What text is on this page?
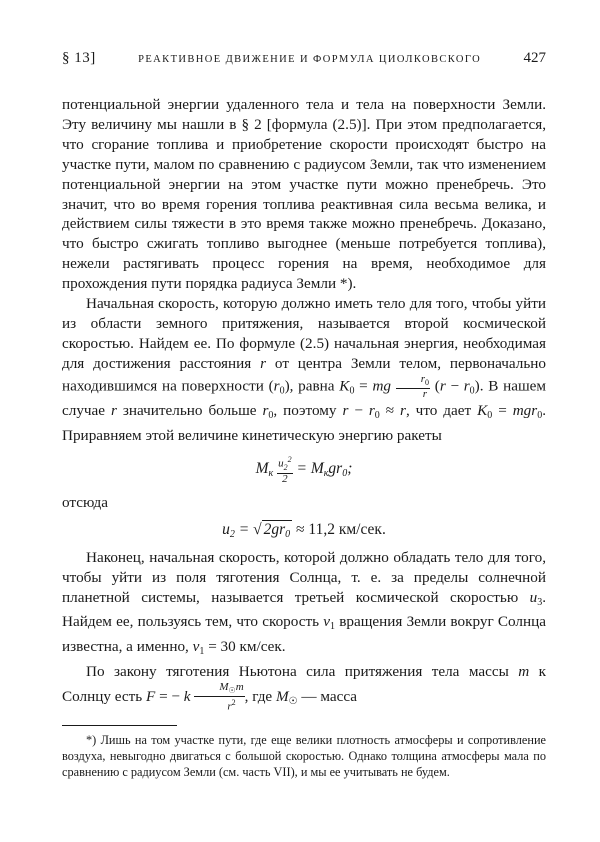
§ 13]	РЕАКТИВНОЕ ДВИЖЕНИЕ И ФОРМУЛА ЦИОЛКОВСКОГО	427

потенциальной энергии удаленного тела и тела на поверхности Земли. Эту величину мы нашли в § 2 [формула (2.5)]. При этом предполагается, что сгорание топлива и приобретение скорости происходят быстро на участке пути, малом по сравнению с радиусом Земли, так что изменением потенциальной энергии на этом участке пути можно пренебречь. Это значит, что во время горения топлива реактивная сила весьма велика, и действием силы тяжести в это время также можно пренебречь. Доказано, что быстро сжигать топливо выгоднее (меньше потребуется топлива), нежели растягивать процесс горения на время, необходимое для прохождения пути порядка радиуса Земли *).

Начальная скорость, которую должно иметь тело для того, чтобы уйти из области земного притяжения, называется второй космической скоростью. Найдем ее. По формуле (2.5) начальная энергия, необходимая для достижения расстояния r от центра Земли телом, первоначально находившимся на поверхности $(r_0)$, равна $K_0$ = mg $\frac{r_0}{r} (r - r_0)$. В нашем случае r значительно больше $r_0$, поэтому $r - r_0 \approx r$, что дает $K_0 = mgr_0$. Приравняем этой величине кинетическую энергию ракеты

$M_к \frac{u_2^2}{2} = M_кgr_0$;

отсюда

$u_2$ = √ $2gr_0 \approx 11,2$ км/сек.

Наконец, начальная скорость, которой должно обладать тело для того, чтобы уйти из поля тяготения Солнца, т. е. за пределы солнечной планетной системы, называется третьей космической скоростью $u_3$. Найдем ее, пользуясь тем, что скорость $v_1$ вращения Земли вокруг Солнца известна, а именно, $v_1 = 30$ км/сек.

По закону тяготения Ньютона сила притяжения тела массы m к Солнцу есть F = − k $\frac{M_☉m}{r^2}$ , где $M_☉$ — масса

*) Лишь на том участке пути, где еще велики плотность атмосферы и сопротивление воздуха, невыгодно двигаться с большой скоростью. Однако толщина атмосферы мала по сравнению с радиусом Земли (см. часть VII), и мы ее учитывать не будем.
